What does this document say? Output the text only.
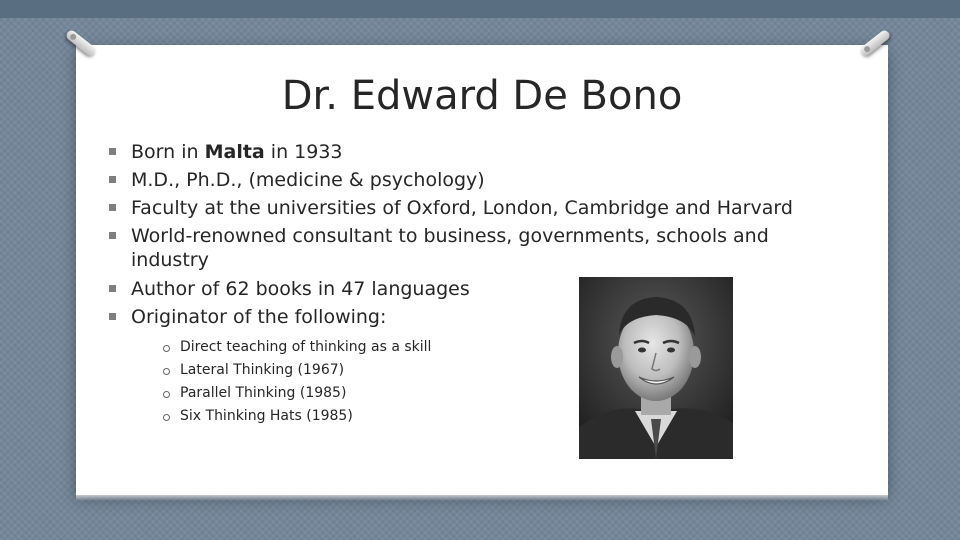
Dr. Edward De Bono
Born in Malta in 1933
M.D., Ph.D., (medicine & psychology)
Faculty at the universities of Oxford, London, Cambridge and Harvard
World-renowned consultant to business, governments, schools and industry
Author of 62 books in 47 languages
Originator of the following:
Direct teaching of thinking as a skill
Lateral Thinking (1967)
Parallel Thinking (1985)
Six Thinking Hats (1985)
